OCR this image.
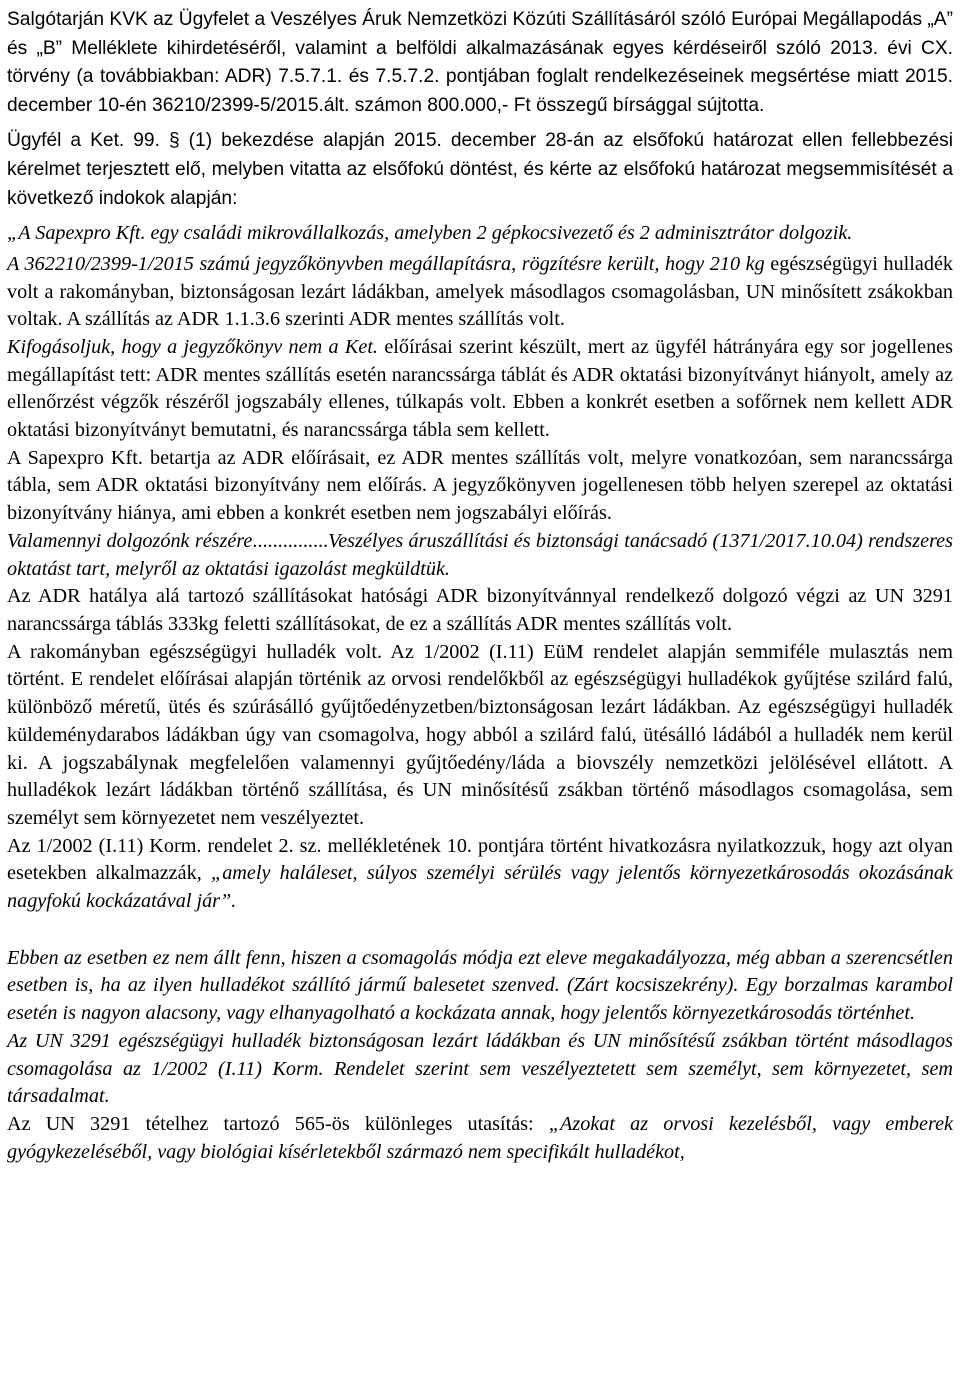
Salgótarján KVK az Ügyfelet a Veszélyes Áruk Nemzetközi Közúti Szállításáról szóló Európai Megállapodás „A” és „B” Melléklete kihirdetéséről, valamint a belföldi alkalmazásának egyes kérdéseiről szóló 2013. évi CX. törvény (a továbbiakban: ADR) 7.5.7.1. és 7.5.7.2. pontjában foglalt rendelkezéseinek megsértése miatt 2015. december 10-én 36210/2399-5/2015.ált. számon 800.000,- Ft összegű bírsággal sújtotta.

Ügyfél a Ket. 99. § (1) bekezdése alapján 2015. december 28-án az elsőfokú határozat ellen fellebbezési kérelmet terjesztett elő, melyben vitatta az elsőfokú döntést, és kérte az elsőfokú határozat megsemmisítését a következő indokok alapján:

„A Sapexpro Kft. egy családi mikrovállalkozás, amelyben 2 gépkocsivezető és 2 adminisztrátor dolgozik.

A 362210/2399-1/2015 számú jegyzőkönyvben megállapításra, rögzítésre került, hogy 210 kg egészségügyi hulladék volt a rakományban, biztonságosan lezárt ládákban, amelyek másodlagos csomagolásban, UN minősített zsákokban voltak. A szállítás az ADR 1.1.3.6 szerinti ADR mentes szállítás volt.

Kifogásoljuk, hogy a jegyzőkönyv nem a Ket. előírásai szerint készült, mert az ügyfél hátrányára egy sor jogellenes megállapítást tett: ADR mentes szállítás esetén narancssárga táblát és ADR oktatási bizonyítványt hiányolt, amely az ellenőrzést végzők részéről jogszabály ellenes, túlkapás volt. Ebben a konkrét esetben a sofőrnek nem kellett ADR oktatási bizonyítványt bemutatni, és narancssárga tábla sem kellett.

A Sapexpro Kft. betartja az ADR előírásait, ez ADR mentes szállítás volt, melyre vonatkozóan, sem narancssárga tábla, sem ADR oktatási bizonyítvány nem előírás. A jegyzőkönyven jogellenesen több helyen szerepel az oktatási bizonyítvány hiánya, ami ebben a konkrét esetben nem jogszabályi előírás.

Valamennyi dolgozónk részére...............Veszélyes áruszállítási és biztonsági tanácsadó (1371/2017.10.04) rendszeres oktatást tart, melyről az oktatási igazolást megküldtük.

Az ADR hatálya alá tartozó szállításokat hatósági ADR bizonyítvánnyal rendelkező dolgozó végzi az UN 3291 narancssárga táblás 333kg feletti szállításokat, de ez a szállítás ADR mentes szállítás volt.

A rakományban egészségügyi hulladék volt. Az 1/2002 (I.11) EüM rendelet alapján semmiféle mulasztás nem történt. E rendelet előírásai alapján történik az orvosi rendelőkből az egészségügyi hulladékok gyűjtése szilárd falú, különböző méretű, ütés és szúrásálló gyűjtőedényzetben/biztonságosan lezárt ládákban. Az egészségügyi hulladék küldeménydarabos ládákban úgy van csomagolva, hogy abból a szilárd falú, ütésálló ládából a hulladék nem kerül ki. A jogszabálynak megfelelően valamennyi gyűjtőedény/láda a biovszély nemzetközi jelölésével ellátott. A hulladékok lezárt ládákban történő szállítása, és UN minősítésű zsákban történő másodlagos csomagolása, sem személyt sem környezetet nem veszélyeztet.

Az 1/2002 (I.11) Korm. rendelet 2. sz. mellékletének 10. pontjára történt hivatkozásra nyilatkozzuk, hogy azt olyan esetekben alkalmazzák, „amely haláleset, súlyos személyi sérülés vagy jelentős környezetkárosodás okozásának nagyfokú kockázatával jár”.

Ebben az esetben ez nem állt fenn, hiszen a csomagolás módja ezt eleve megakadályozza, még abban a szerencsétlen esetben is, ha az ilyen hulladékot szállító jármű balesetet szenved. (Zárt kocsiszekrény). Egy borzalmas karambol esetén is nagyon alacsony, vagy elhanyagolható a kockázata annak, hogy jelentős környezetkárosodás történhet.

Az UN 3291 egészségügyi hulladék biztonságosan lezárt ládákban és UN minősítésű zsákban történt másodlagos csomagolása az 1/2002 (I.11) Korm. Rendelet szerint sem veszélyeztetett sem személyt, sem környezetet, sem társadalmat.

Az UN 3291 tételhez tartozó 565-ös különleges utasítás: „Azokat az orvosi kezelésből, vagy emberek gyógykezeléséből, vagy biológiai kísérletekből származó nem specifikált hulladékot,
